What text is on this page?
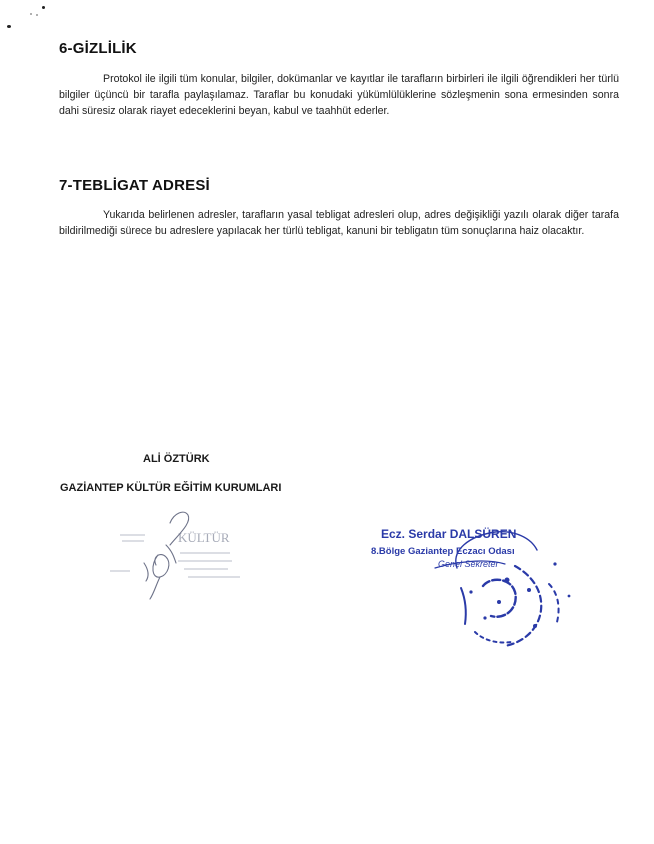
6-GİZLİLİK
Protokol ile ilgili tüm konular, bilgiler, dokümanlar ve kayıtlar ile tarafların birbirleri ile ilgili öğrendikleri her türlü bilgiler üçüncü bir tarafla paylaşılamaz. Taraflar bu konudaki yükümlülüklerine sözleşmenin sona ermesinden sonra dahi süresiz olarak riayet edeceklerini beyan, kabul ve taahhüt ederler.
7-TEBLİGAT ADRESİ
Yukarıda belirlenen adresler, tarafların yasal tebligat adresleri olup, adres değişikliği yazılı olarak diğer tarafa bildirilmediği sürece bu adreslere yapılacak her türlü tebligat, kanuni bir tebligatın tüm sonuçlarına haiz olacaktır.
ALİ ÖZTÜRK
GAZİANTEP KÜLTÜR EĞİTİM KURUMLARI
KÜLTÜR	Ecz. Serdar DALSÜREN
8.Bölge Gaziantep Eczacı Odası
Genel Sekreter
